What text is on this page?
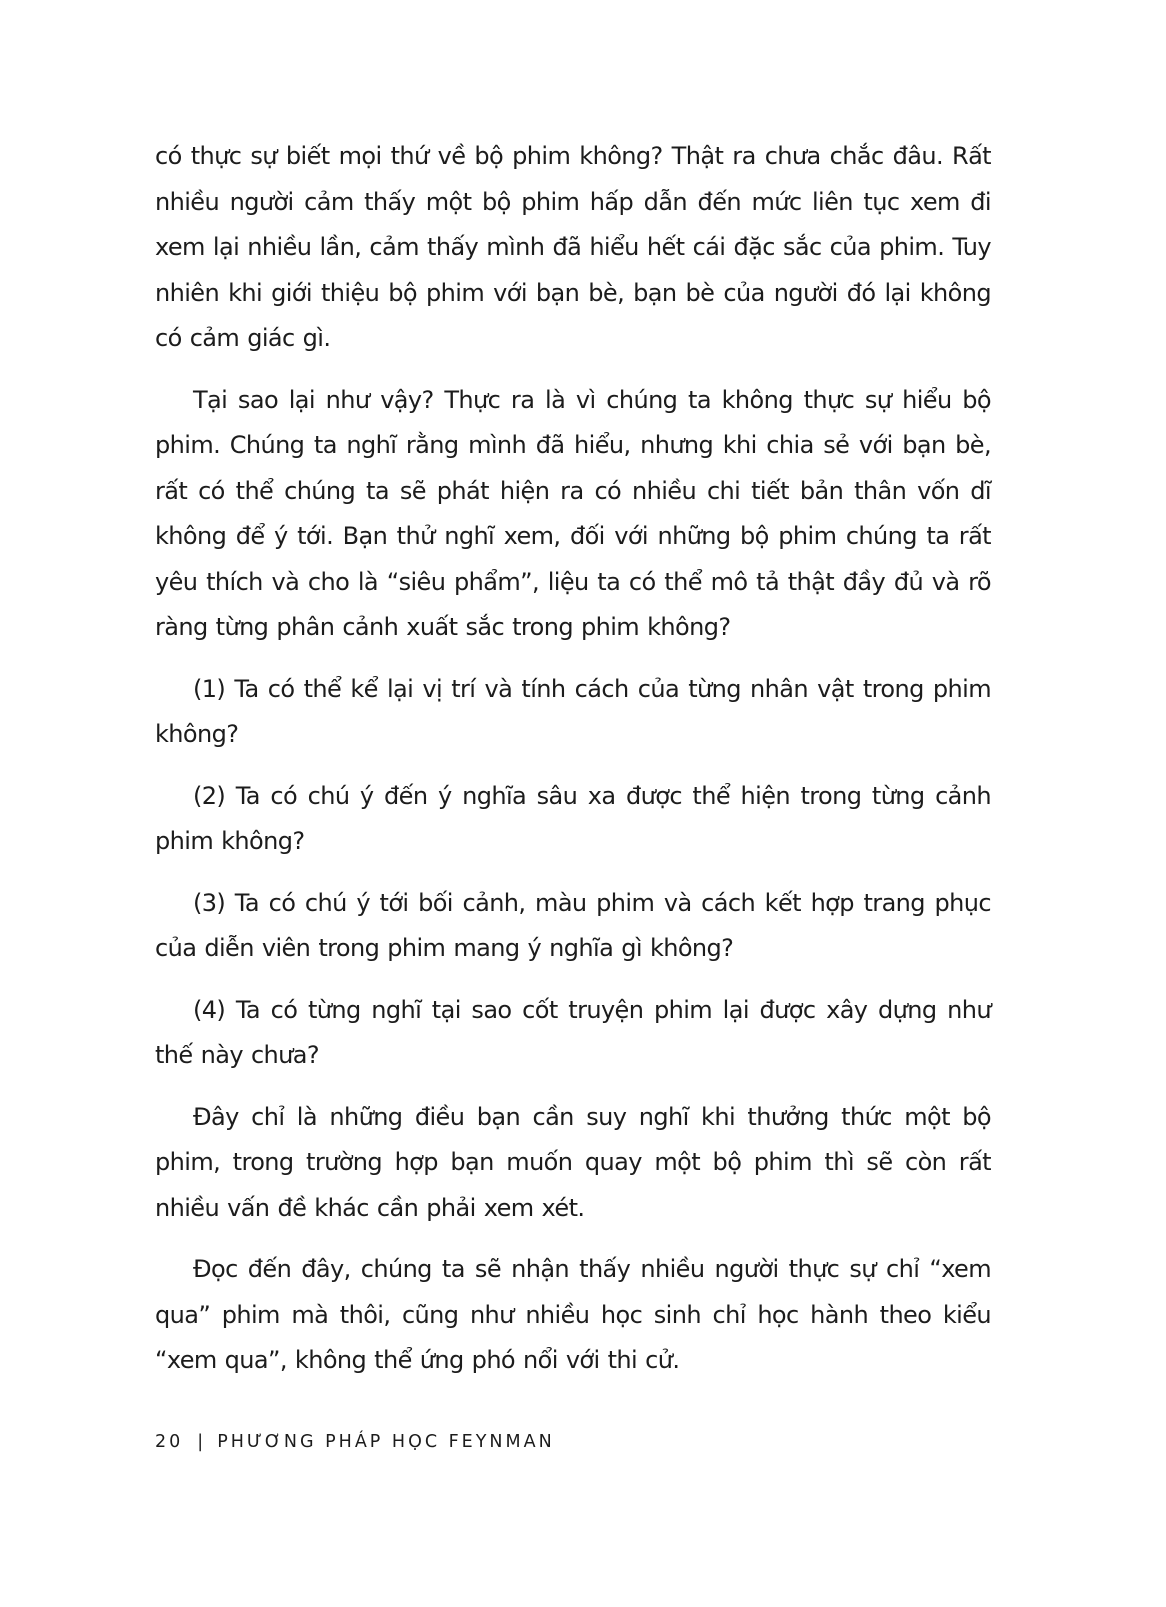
có thực sự biết mọi thứ về bộ phim không? Thật ra chưa chắc đâu. Rất nhiều người cảm thấy một bộ phim hấp dẫn đến mức liên tục xem đi xem lại nhiều lần, cảm thấy mình đã hiểu hết cái đặc sắc của phim. Tuy nhiên khi giới thiệu bộ phim với bạn bè, bạn bè của người đó lại không có cảm giác gì.

Tại sao lại như vậy? Thực ra là vì chúng ta không thực sự hiểu bộ phim. Chúng ta nghĩ rằng mình đã hiểu, nhưng khi chia sẻ với bạn bè, rất có thể chúng ta sẽ phát hiện ra có nhiều chi tiết bản thân vốn dĩ không để ý tới. Bạn thử nghĩ xem, đối với những bộ phim chúng ta rất yêu thích và cho là “siêu phẩm”, liệu ta có thể mô tả thật đầy đủ và rõ ràng từng phân cảnh xuất sắc trong phim không?

(1) Ta có thể kể lại vị trí và tính cách của từng nhân vật trong phim không?

(2) Ta có chú ý đến ý nghĩa sâu xa được thể hiện trong từng cảnh phim không?

(3) Ta có chú ý tới bối cảnh, màu phim và cách kết hợp trang phục của diễn viên trong phim mang ý nghĩa gì không?

(4) Ta có từng nghĩ tại sao cốt truyện phim lại được xây dựng như thế này chưa?

Đây chỉ là những điều bạn cần suy nghĩ khi thưởng thức một bộ phim, trong trường hợp bạn muốn quay một bộ phim thì sẽ còn rất nhiều vấn đề khác cần phải xem xét.

Đọc đến đây, chúng ta sẽ nhận thấy nhiều người thực sự chỉ “xem qua” phim mà thôi, cũng như nhiều học sinh chỉ học hành theo kiểu “xem qua”, không thể ứng phó nổi với thi cử.

20 | PHƯƠNG PHÁP HỌC FEYNMAN
